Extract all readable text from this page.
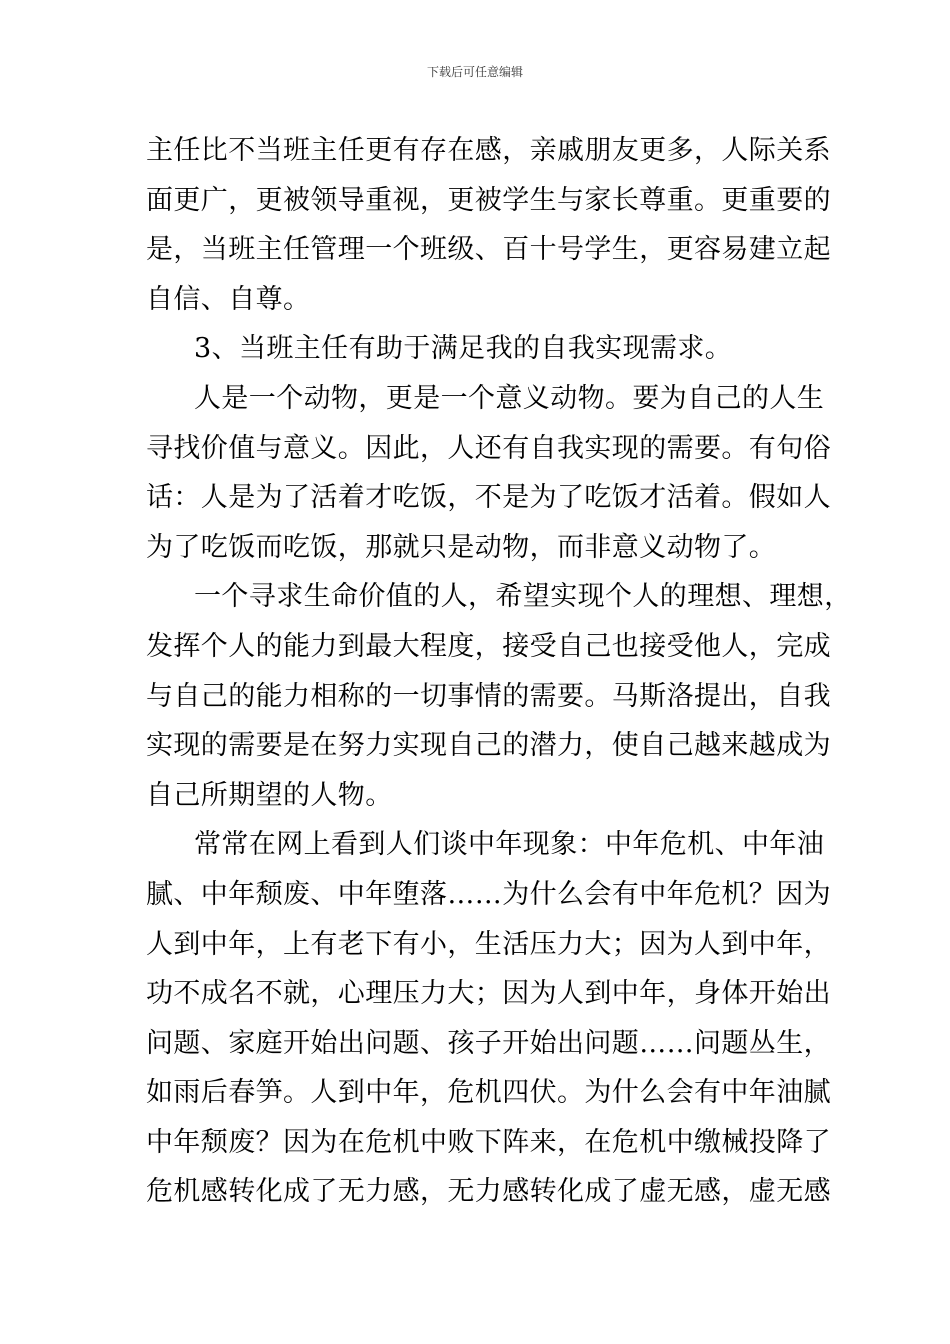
下载后可任意编辑

主任比不当班主任更有存在感，亲戚朋友更多，人际关系
面更广，更被领导重视，更被学生与家长尊重。更重要的
是，当班主任管理一个班级、百十号学生，更容易建立起
自信、自尊。

3、当班主任有助于满足我的自我实现需求。

人是一个动物，更是一个意义动物。要为自己的人生
寻找价值与意义。因此，人还有自我实现的需要。有句俗
话：人是为了活着才吃饭，不是为了吃饭才活着。假如人
为了吃饭而吃饭，那就只是动物，而非意义动物了。

一个寻求生命价值的人，希望实现个人的理想、理想，
发挥个人的能力到最大程度，接受自己也接受他人，完成
与自己的能力相称的一切事情的需要。马斯洛提出，自我
实现的需要是在努力实现自己的潜力，使自己越来越成为
自己所期望的人物。

常常在网上看到人们谈中年现象：中年危机、中年油
腻、中年颓废、中年堕落……为什么会有中年危机？因为
人到中年，上有老下有小，生活压力大；因为人到中年，
功不成名不就，心理压力大；因为人到中年，身体开始出
问题、家庭开始出问题、孩子开始出问题……问题丛生，
如雨后春笋。人到中年，危机四伏。为什么会有中年油腻
中年颓废？因为在危机中败下阵来，在危机中缴械投降了
危机感转化成了无力感，无力感转化成了虚无感，虚无感
